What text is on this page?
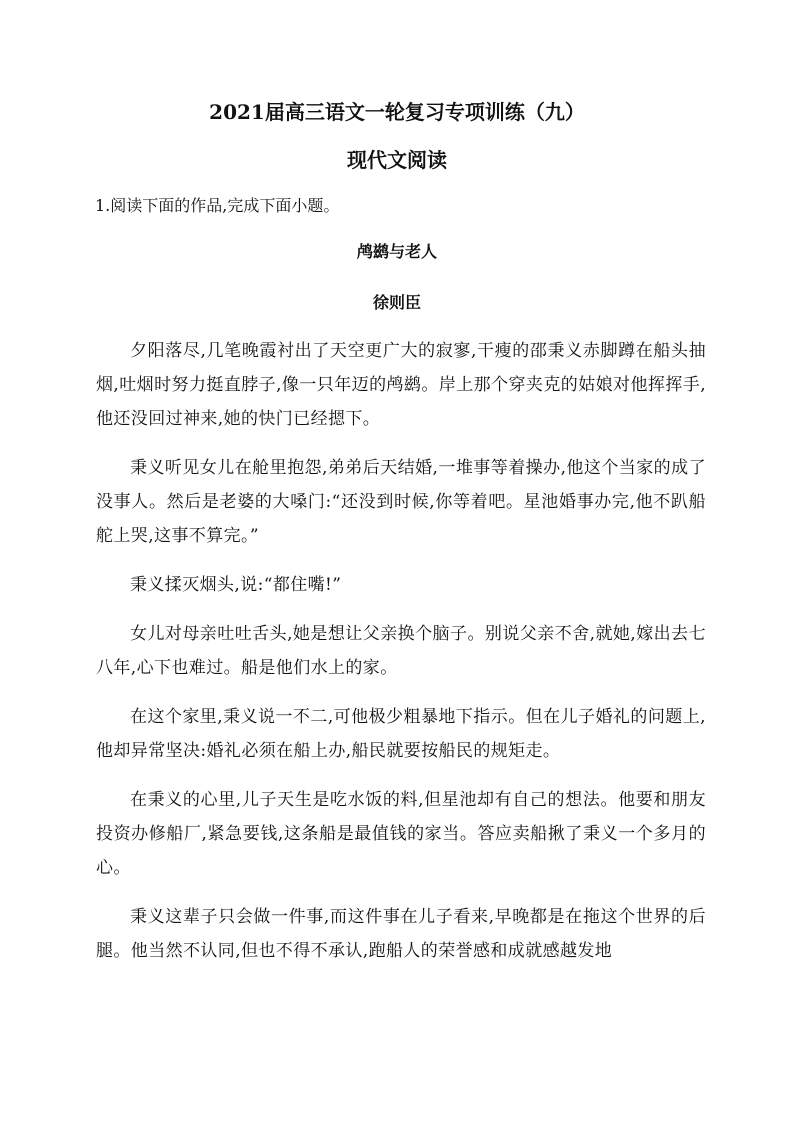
2021届高三语文一轮复习专项训练（九）
现代文阅读
1.阅读下面的作品,完成下面小题。
鸬鹚与老人
徐则臣

夕阳落尽,几笔晚霞衬出了天空更广大的寂寥,干瘦的邵秉义赤脚蹲在船头抽烟,吐烟时努力挺直脖子,像一只年迈的鸬鹚。岸上那个穿夹克的姑娘对他挥挥手,他还没回过神来,她的快门已经摁下。

秉义听见女儿在舱里抱怨,弟弟后天结婚,一堆事等着操办,他这个当家的成了没事人。然后是老婆的大嗓门:“还没到时候,你等着吧。星池婚事办完,他不趴船舵上哭,这事不算完。”

秉义揉灭烟头,说:“都住嘴!”

女儿对母亲吐吐舌头,她是想让父亲换个脑子。别说父亲不舍,就她,嫁出去七八年,心下也难过。船是他们水上的家。

在这个家里,秉义说一不二,可他极少粗暴地下指示。但在儿子婚礼的问题上,他却异常坚决:婚礼必须在船上办,船民就要按船民的规矩走。

在秉义的心里,儿子天生是吃水饭的料,但星池却有自己的想法。他要和朋友投资办修船厂,紧急要钱,这条船是最值钱的家当。答应卖船揪了秉义一个多月的心。

秉义这辈子只会做一件事,而这件事在儿子看来,早晚都是在拖这个世界的后腿。他当然不认同,但也不得不承认,跑船人的荣誉感和成就感越发地
